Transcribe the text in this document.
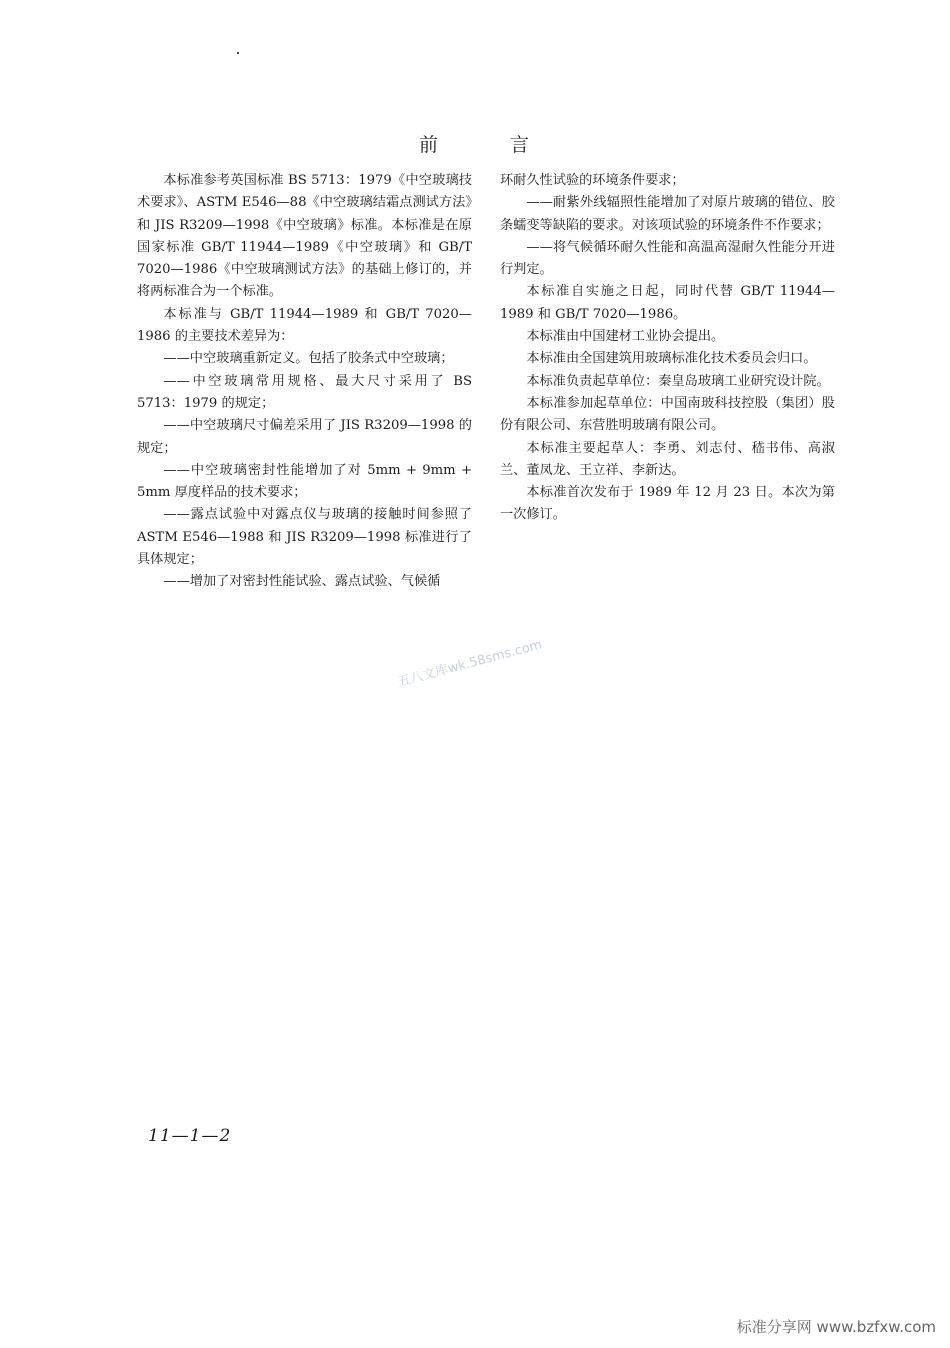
前	言

本标准参考英国标准 BS 5713：1979《中空玻璃技术要求》、ASTM E546—88《中空玻璃结霜点测试方法》和 JIS R3209—1998《中空玻璃》标准。本标准是在原国家标准 GB/T 11944—1989《中空玻璃》和 GB/T 7020—1986《中空玻璃测试方法》的基础上修订的，并将两标准合为一个标准。

本标准与 GB/T 11944—1989 和 GB/T 7020—1986 的主要技术差异为：

——中空玻璃重新定义。包括了胶条式中空玻璃；

——中空玻璃常用规格、最大尺寸采用了 BS 5713：1979 的规定；

——中空玻璃尺寸偏差采用了 JIS R3209—1998 的规定；

——中空玻璃密封性能增加了对 5mm + 9mm + 5mm 厚度样品的技术要求；

——露点试验中对露点仪与玻璃的接触时间参照了 ASTM E546—1988 和 JIS R3209—1998 标准进行了具体规定；

——增加了对密封性能试验、露点试验、气候循

环耐久性试验的环境条件要求；

——耐紫外线辐照性能增加了对原片玻璃的错位、胶条蠕变等缺陷的要求。对该项试验的环境条件不作要求；

——将气候循环耐久性能和高温高湿耐久性能分开进行判定。

本标准自实施之日起，同时代替 GB/T 11944—1989 和 GB/T 7020—1986。

本标准由中国建材工业协会提出。

本标准由全国建筑用玻璃标准化技术委员会归口。

本标准负责起草单位：秦皇岛玻璃工业研究设计院。

本标准参加起草单位：中国南玻科技控股（集团）股份有限公司、东营胜明玻璃有限公司。

本标准主要起草人：李勇、刘志付、嵇书伟、高淑兰、董凤龙、王立祥、李新达。

本标准首次发布于 1989 年 12 月 23 日。本次为第一次修订。

五八文库wk.58sms.com
11—1—2
标准分享网 www.bzfxw.com
